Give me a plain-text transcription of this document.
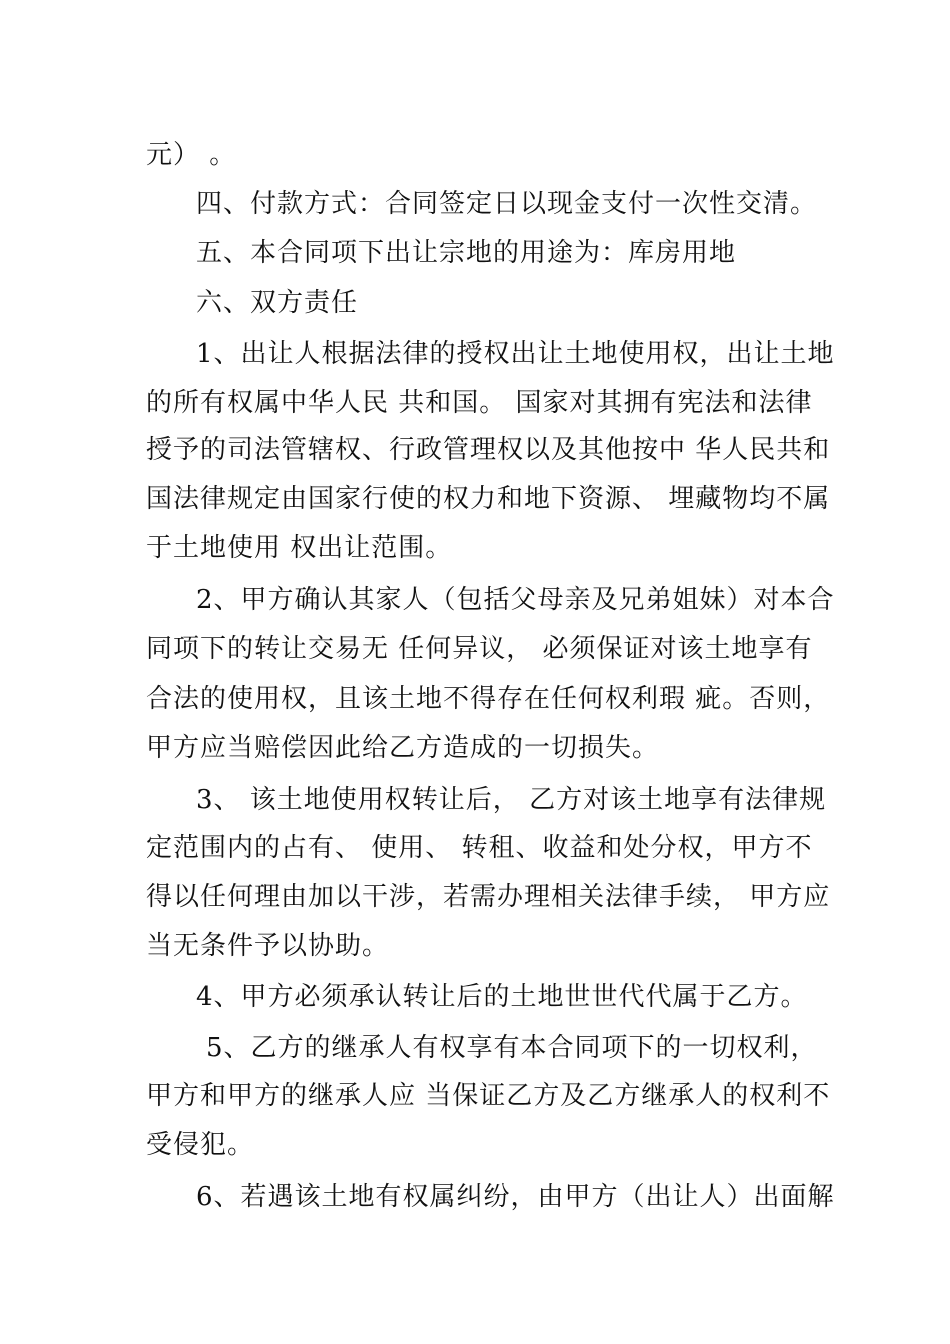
元） 。
四、付款方式：合同签定日以现金支付一次性交清。
五、本合同项下出让宗地的用途为：库房用地
六、双方责任
1、出让人根据法律的授权出让土地使用权，出让土地
的所有权属中华人民 共和国。 国家对其拥有宪法和法律
授予的司法管辖权、行政管理权以及其他按中 华人民共和
国法律规定由国家行使的权力和地下资源、 埋藏物均不属
于土地使用 权出让范围。
2、甲方确认其家人（包括父母亲及兄弟姐妹）对本合
同项下的转让交易无 任何异议， 必须保证对该土地享有
合法的使用权，且该土地不得存在任何权利瑕 疵。否则，
甲方应当赔偿因此给乙方造成的一切损失。
3、 该土地使用权转让后， 乙方对该土地享有法律规
定范围内的占有、 使用、 转租、收益和处分权，甲方不
得以任何理由加以干涉，若需办理相关法律手续， 甲方应
当无条件予以协助。
4、甲方必须承认转让后的土地世世代代属于乙方。
5、乙方的继承人有权享有本合同项下的一切权利，
甲方和甲方的继承人应 当保证乙方及乙方继承人的权利不
受侵犯。
6、若遇该土地有权属纠纷，由甲方（出让人）出面解
